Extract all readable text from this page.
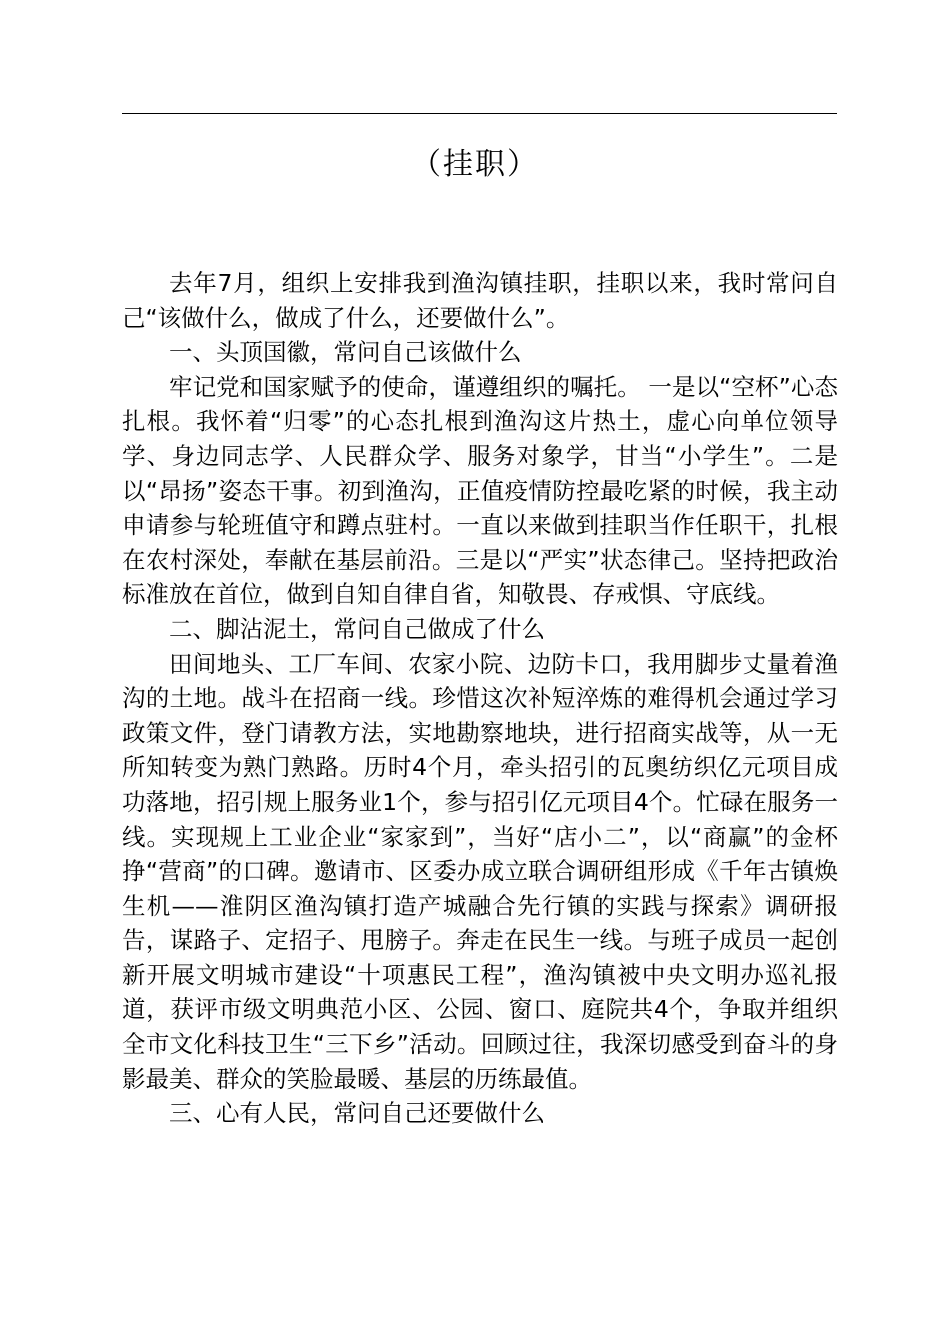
（挂职）

去年7月，组织上安排我到渔沟镇挂职，挂职以来，我时常问自己“该做什么，做成了什么，还要做什么”。

一、头顶国徽，常问自己该做什么

牢记党和国家赋予的使命，谨遵组织的嘱托。 一是以“空杯”心态扎根。我怀着“归零”的心态扎根到渔沟这片热土，虚心向单位领导学、身边同志学、人民群众学、服务对象学，甘当“小学生”。二是以“昂扬”姿态干事。初到渔沟，正值疫情防控最吃紧的时候，我主动申请参与轮班值守和蹲点驻村。一直以来做到挂职当作任职干，扎根在农村深处，奉献在基层前沿。三是以“严实”状态律己。坚持把政治标准放在首位，做到自知自律自省，知敬畏、存戒惧、守底线。

二、脚沾泥土，常问自己做成了什么

田间地头、工厂车间、农家小院、边防卡口，我用脚步丈量着渔沟的土地。战斗在招商一线。珍惜这次补短淬炼的难得机会通过学习政策文件，登门请教方法，实地勘察地块，进行招商实战等，从一无所知转变为熟门熟路。历时4个月，牵头招引的瓦奥纺织亿元项目成功落地，招引规上服务业1个，参与招引亿元项目4个。忙碌在服务一线。实现规上工业企业“家家到”，当好“店小二”，以“商赢”的金杯挣“营商”的口碑。邀请市、区委办成立联合调研组形成《千年古镇焕生机——淮阴区渔沟镇打造产城融合先行镇的实践与探索》调研报告，谋路子、定招子、甩膀子。奔走在民生一线。与班子成员一起创新开展文明城市建设“十项惠民工程”，渔沟镇被中央文明办巡礼报道，获评市级文明典范小区、公园、窗口、庭院共4个，争取并组织全市文化科技卫生“三下乡”活动。回顾过往，我深切感受到奋斗的身影最美、群众的笑脸最暖、基层的历练最值。

三、心有人民，常问自己还要做什么
